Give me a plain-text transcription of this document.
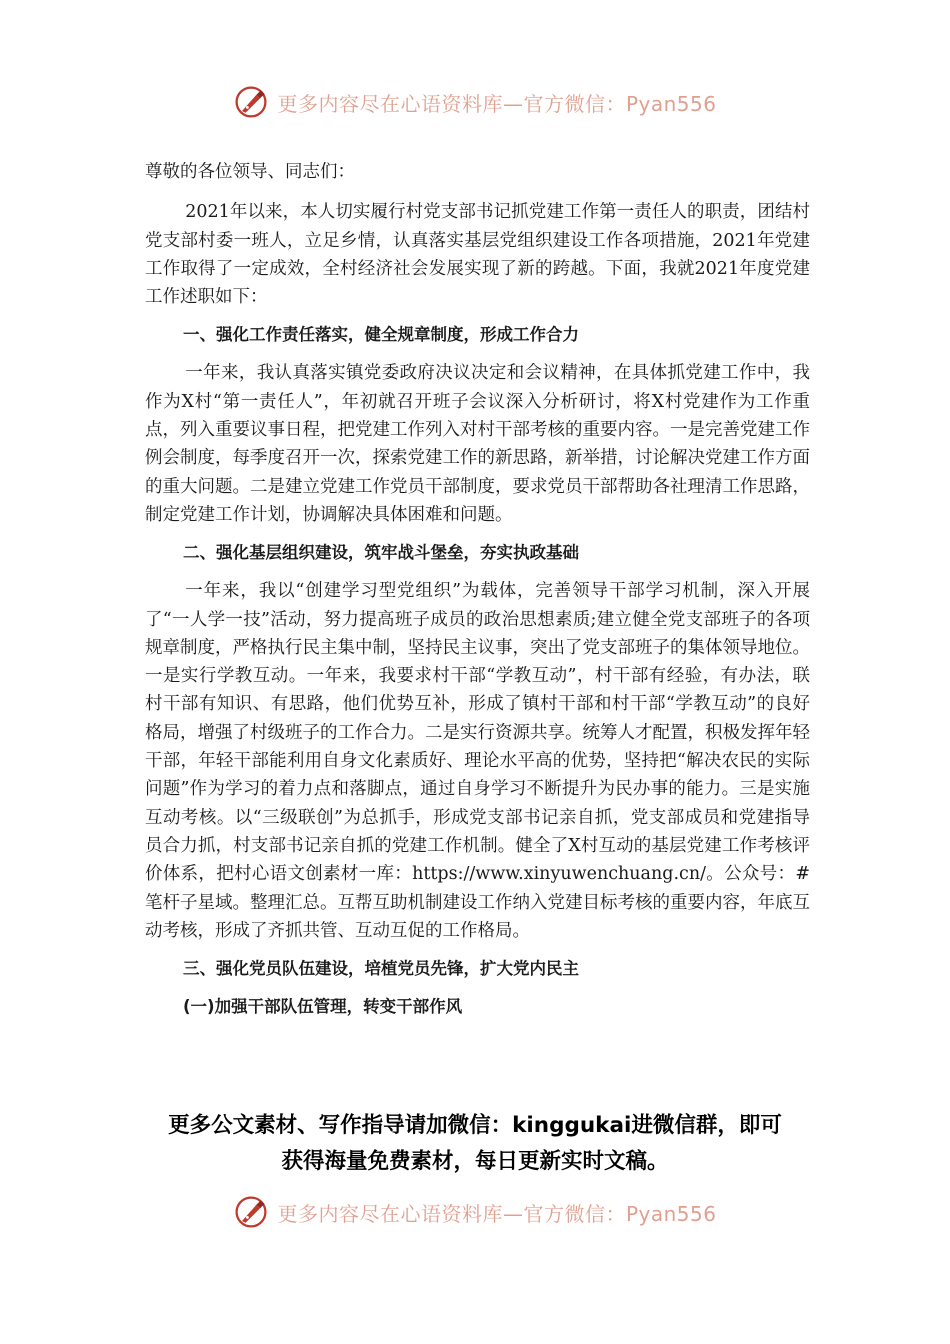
更多内容尽在心语资料库—官方微信：Pyan556

尊敬的各位领导、同志们：

2021年以来，本人切实履行村党支部书记抓党建工作第一责任人的职责，团结村党支部村委一班人，立足乡情，认真落实基层党组织建设工作各项措施，2021年党建工作取得了一定成效，全村经济社会发展实现了新的跨越。下面，我就2021年度党建工作述职如下：

一、强化工作责任落实，健全规章制度，形成工作合力

一年来，我认真落实镇党委政府决议决定和会议精神，在具体抓党建工作中，我作为X村“第一责任人”，年初就召开班子会议深入分析研讨，将X村党建作为工作重点，列入重要议事日程，把党建工作列入对村干部考核的重要内容。一是完善党建工作例会制度，每季度召开一次，探索党建工作的新思路，新举措，讨论解决党建工作方面的重大问题。二是建立党建工作党员干部制度，要求党员干部帮助各社理清工作思路，制定党建工作计划，协调解决具体困难和问题。

二、强化基层组织建设，筑牢战斗堡垒，夯实执政基础

一年来，我以“创建学习型党组织”为载体，完善领导干部学习机制，深入开展了“一人学一技”活动，努力提高班子成员的政治思想素质;建立健全党支部班子的各项规章制度，严格执行民主集中制，坚持民主议事，突出了党支部班子的集体领导地位。一是实行学教互动。一年来，我要求村干部“学教互动”，村干部有经验，有办法，联村干部有知识、有思路，他们优势互补，形成了镇村干部和村干部“学教互动”的良好格局，增强了村级班子的工作合力。二是实行资源共享。统筹人才配置，积极发挥年轻干部，年轻干部能利用自身文化素质好、理论水平高的优势，坚持把“解决农民的实际问题”作为学习的着力点和落脚点，通过自身学习不断提升为民办事的能力。三是实施互动考核。以“三级联创”为总抓手，形成党支部书记亲自抓，党支部成员和党建指导员合力抓，村支部书记亲自抓的党建工作机制。健全了X村互动的基层党建工作考核评价体系，把村心语文创素材一库：https://www.xinyuwenchuang.cn/。公众号：#笔杆子星域。整理汇总。互帮互助机制建设工作纳入党建目标考核的重要内容，年底互动考核，形成了齐抓共管、互动互促的工作格局。

三、强化党员队伍建设，培植党员先锋，扩大党内民主

(一)加强干部队伍管理，转变干部作风

更多公文素材、写作指导请加微信：kinggukai进微信群，即可
获得海量免费素材，每日更新实时文稿。
更多内容尽在心语资料库—官方微信：Pyan556
